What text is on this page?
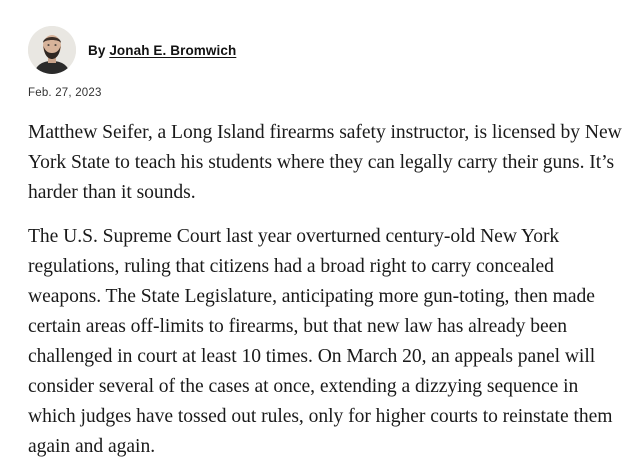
By Jonah E. Bromwich
Feb. 27, 2023

Matthew Seifer, a Long Island firearms safety instructor, is licensed by New York State to teach his students where they can legally carry their guns. It’s harder than it sounds.

The U.S. Supreme Court last year overturned century-old New York regulations, ruling that citizens had a broad right to carry concealed weapons. The State Legislature, anticipating more gun-toting, then made certain areas off-limits to firearms, but that new law has already been challenged in court at least 10 times. On March 20, an appeals panel will consider several of the cases at once, extending a dizzying sequence in which judges have tossed out rules, only for higher courts to reinstate them again and again.
